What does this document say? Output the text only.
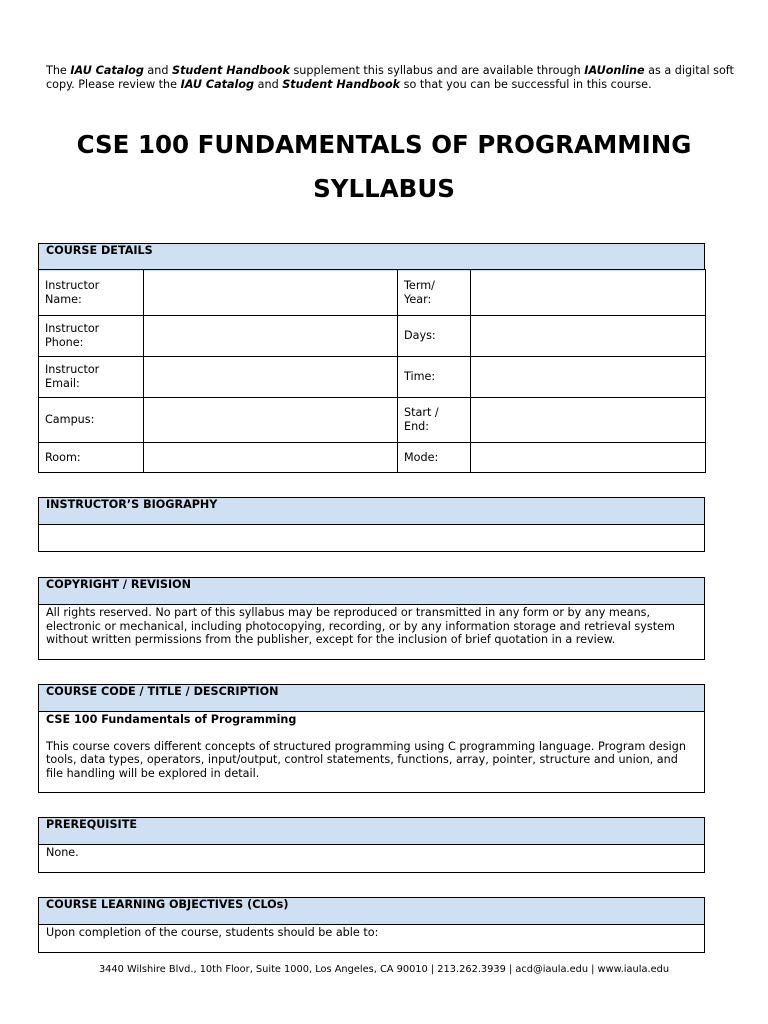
The IAU Catalog and Student Handbook supplement this syllabus and are available through IAUonline as a digital soft copy. Please review the IAU Catalog and Student Handbook so that you can be successful in this course.
CSE 100 FUNDAMENTALS OF PROGRAMMING
SYLLABUS
COURSE DETAILS
Instructor Name:		Term/ Year:	
Instructor Phone:		Days:	
Instructor Email:		Time:	
Campus:		Start / End:	
Room:		Mode:	
INSTRUCTOR’S BIOGRAPHY
COPYRIGHT / REVISION
All rights reserved. No part of this syllabus may be reproduced or transmitted in any form or by any means, electronic or mechanical, including photocopying, recording, or by any information storage and retrieval system without written permissions from the publisher, except for the inclusion of brief quotation in a review.
COURSE CODE / TITLE / DESCRIPTION
CSE 100 Fundamentals of Programming
This course covers different concepts of structured programming using C programming language. Program design tools, data types, operators, input/output, control statements, functions, array, pointer, structure and union, and file handling will be explored in detail.
PREREQUISITE
None.
COURSE LEARNING OBJECTIVES (CLOs)
Upon completion of the course, students should be able to:
3440 Wilshire Blvd., 10th Floor, Suite 1000, Los Angeles, CA 90010 | 213.262.3939 | acd@iaula.edu | www.iaula.edu
